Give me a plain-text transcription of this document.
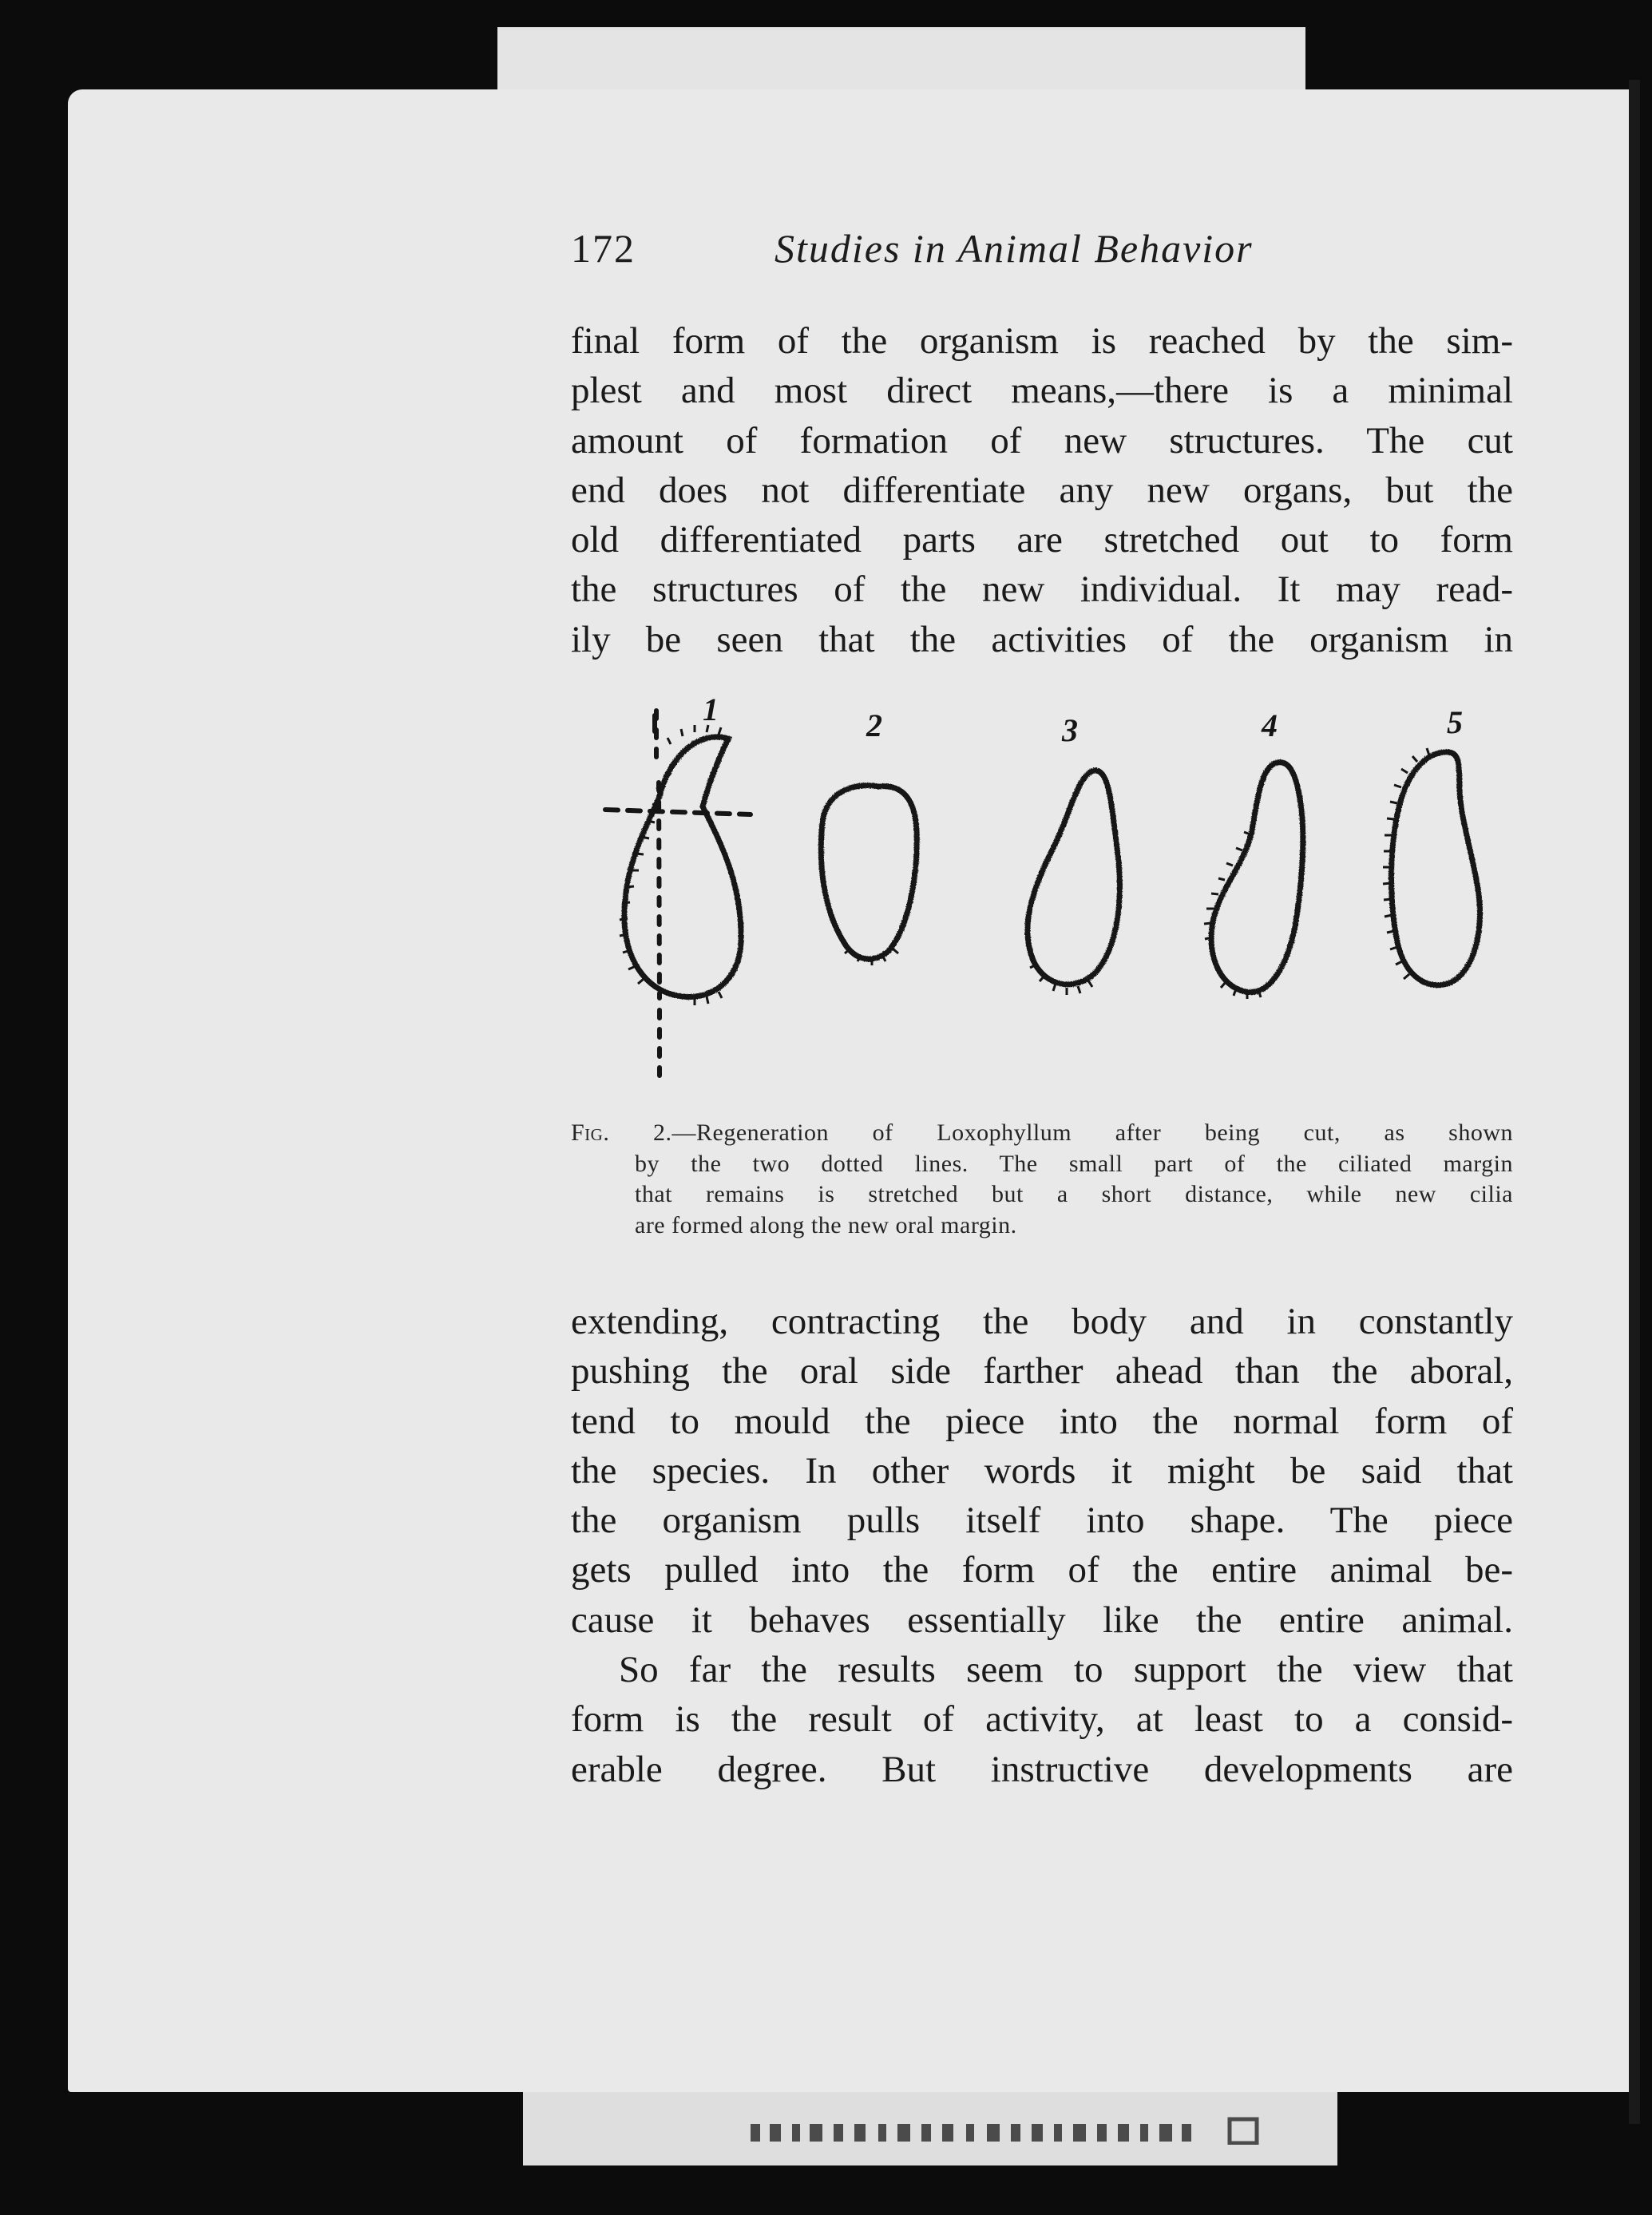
172	Studies in Animal Behavior
final form of the organism is reached by the sim-
plest and most direct means,—there is a minimal
amount of formation of new structures. The cut
end does not differentiate any new organs, but the
old differentiated parts are stretched out to form
the structures of the new individual. It may read-
ily be seen that the activities of the organism in
1	2	3	4	5
Fig. 2.—Regeneration of Loxophyllum after being cut, as shown
by the two dotted lines. The small part of the ciliated margin
that remains is stretched but a short distance, while new cilia
are formed along the new oral margin.
extending, contracting the body and in constantly
pushing the oral side farther ahead than the aboral,
tend to mould the piece into the normal form of
the species. In other words it might be said that
the organism pulls itself into shape. The piece
gets pulled into the form of the entire animal be-
cause it behaves essentially like the entire animal.
So far the results seem to support the view that
form is the result of activity, at least to a consid-
erable degree. But instructive developments are
